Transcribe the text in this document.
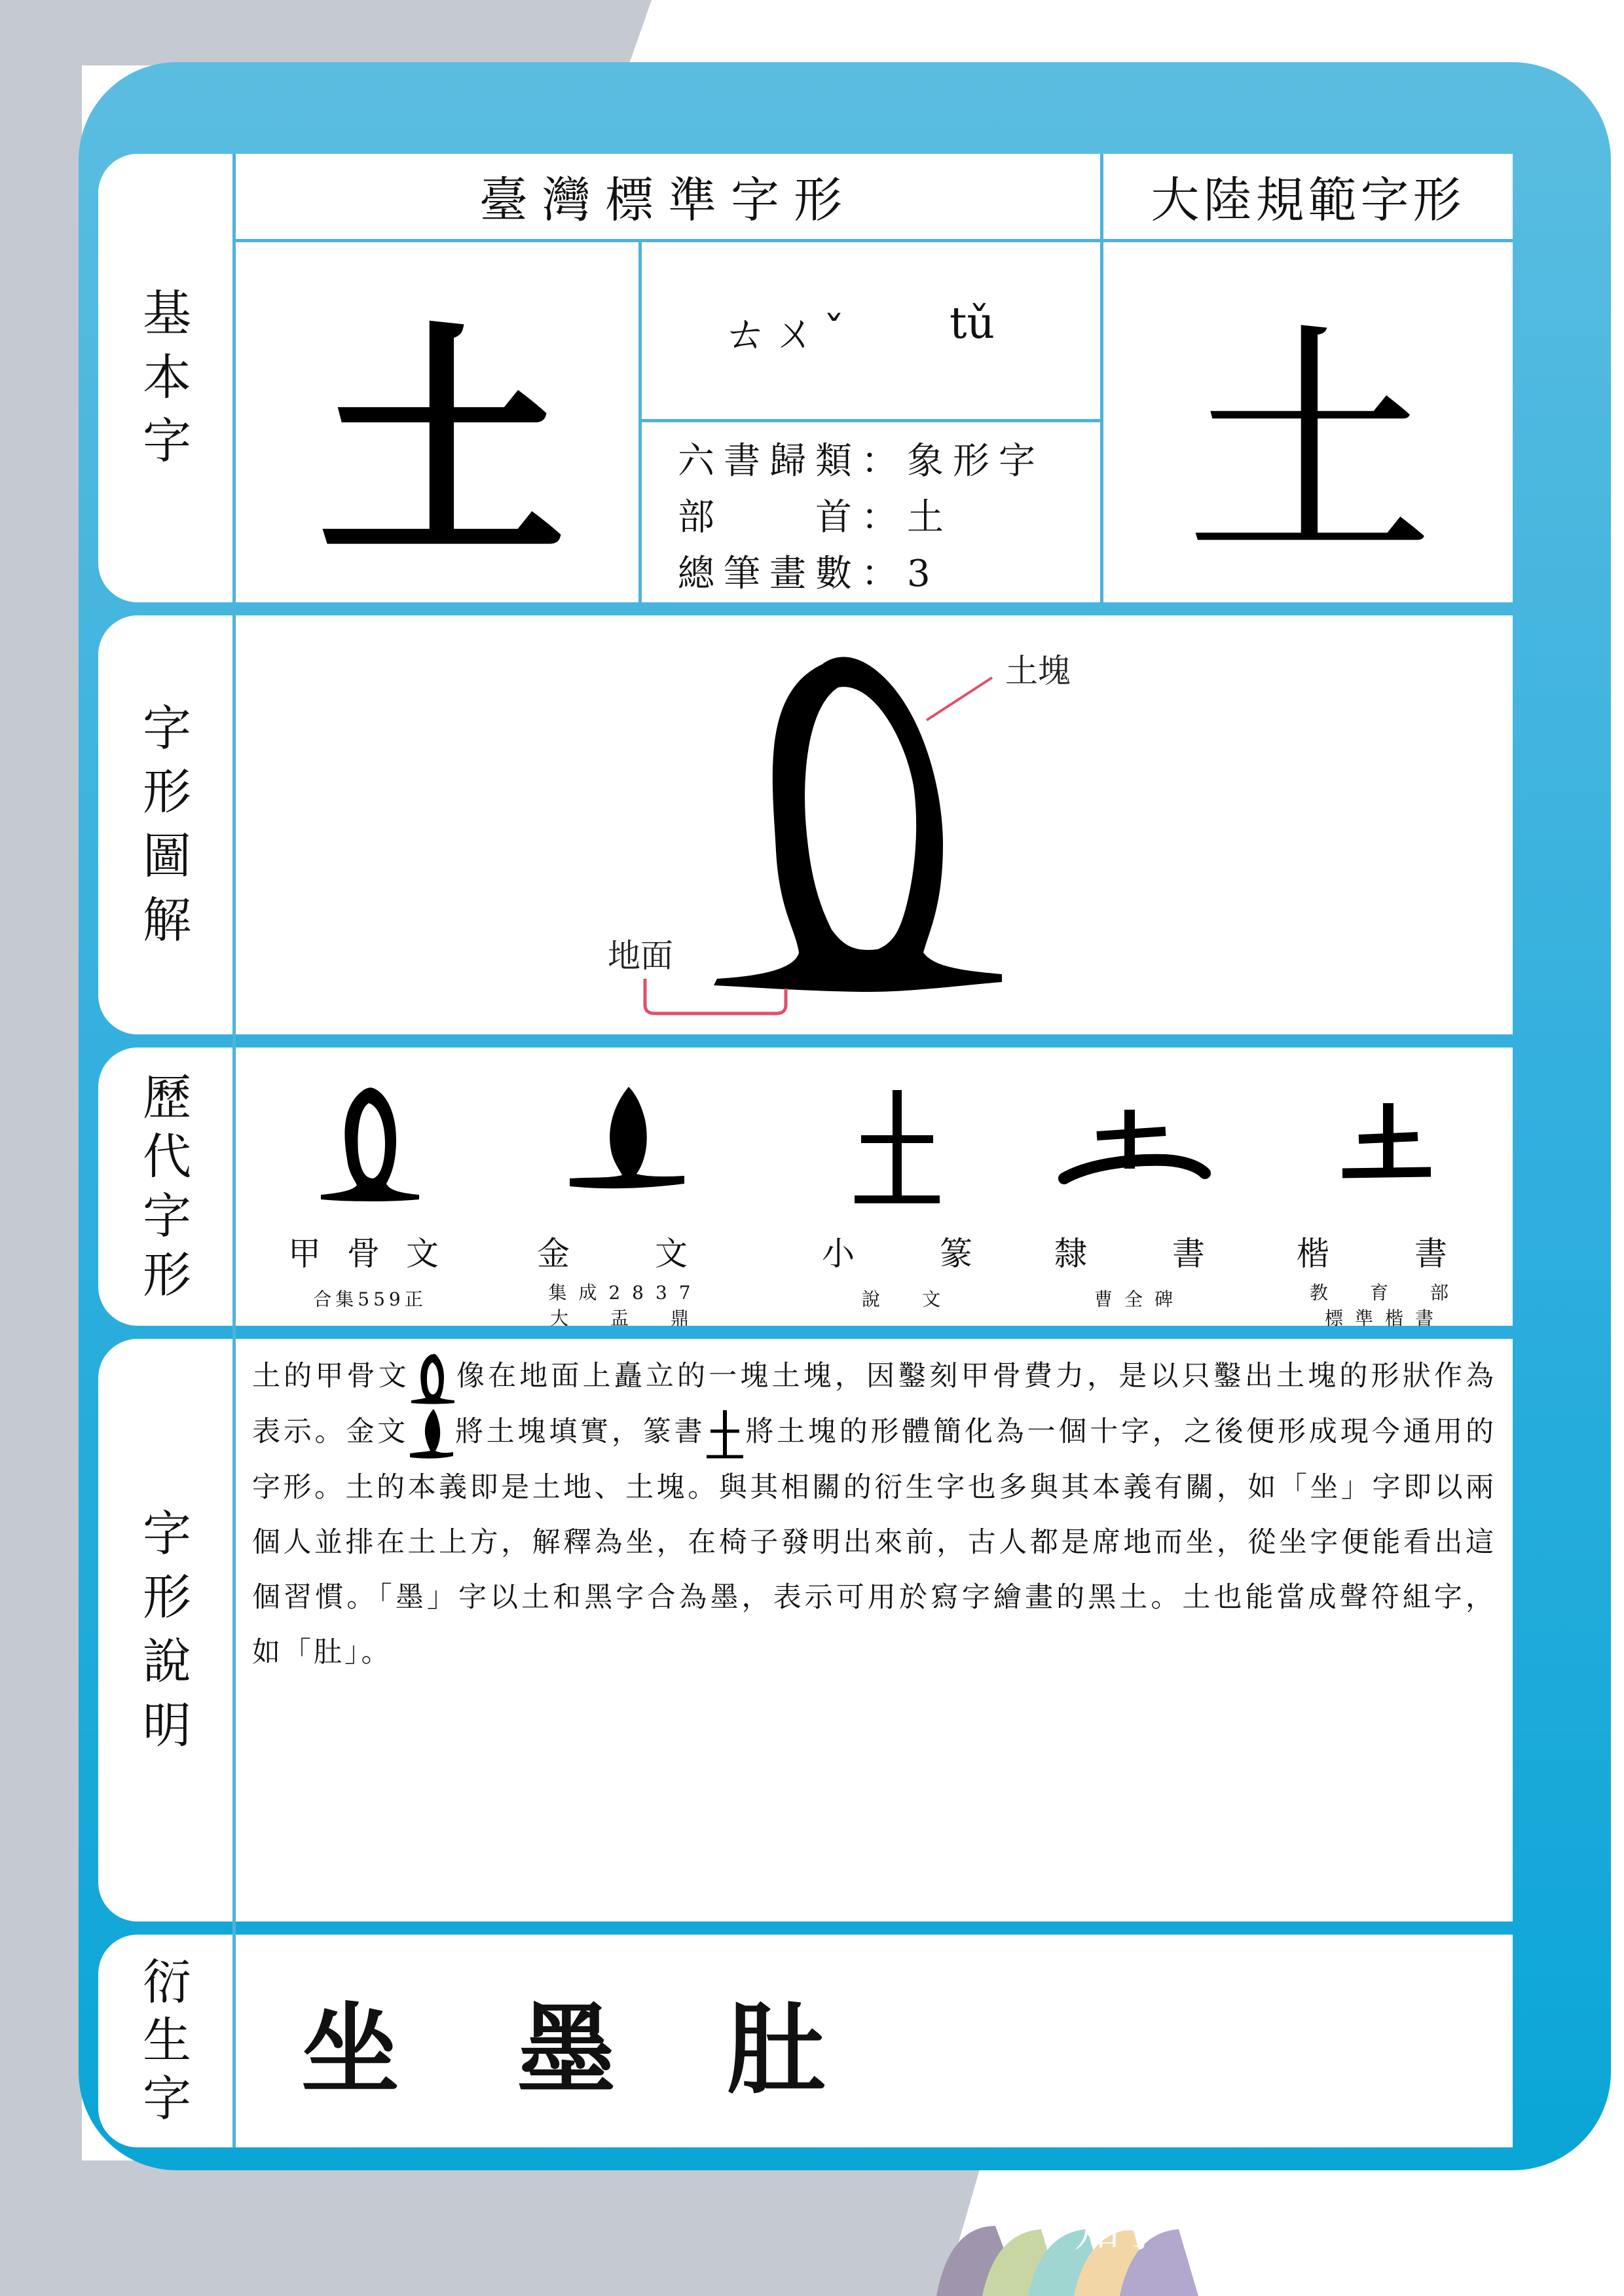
基
本
字
字
形
圖
解
歷
代
字
形
字
形
說
明
衍
生
字
臺灣標準字形	大陸規範字形
土 土
ㄊㄨˇ tǔ
六書歸類：象形字
部　　首：土
總筆畫數：3
土塊
地面
甲骨文
合集559正
金　文
集成2837
大　盂　鼎
小　篆
說　文
隸　書
曹全碑
楷　書
教　育　部
標準楷書
土的甲骨文 像在地面上矗立的一塊土塊，因鑿刻甲骨費力，是以只鑿出土塊的形狀作為表示。金文 將土塊填實，篆書 將土塊的形體簡化為一個十字，之後便形成現今通用的字形。土的本義即是土地、土塊。與其相關的衍生字也多與其本義有關，如「坐」字即以兩個人並排在土上方，解釋為坐，在椅子發明出來前，古人都是席地而坐，從坐字便能看出這個習慣。「墨」字以土和黑字合為墨，表示可用於寫字繪畫的黑土。土也能當成聲符組字，如「肚」。
坐 墨 肚
知乎 @分享漢字的智慧
